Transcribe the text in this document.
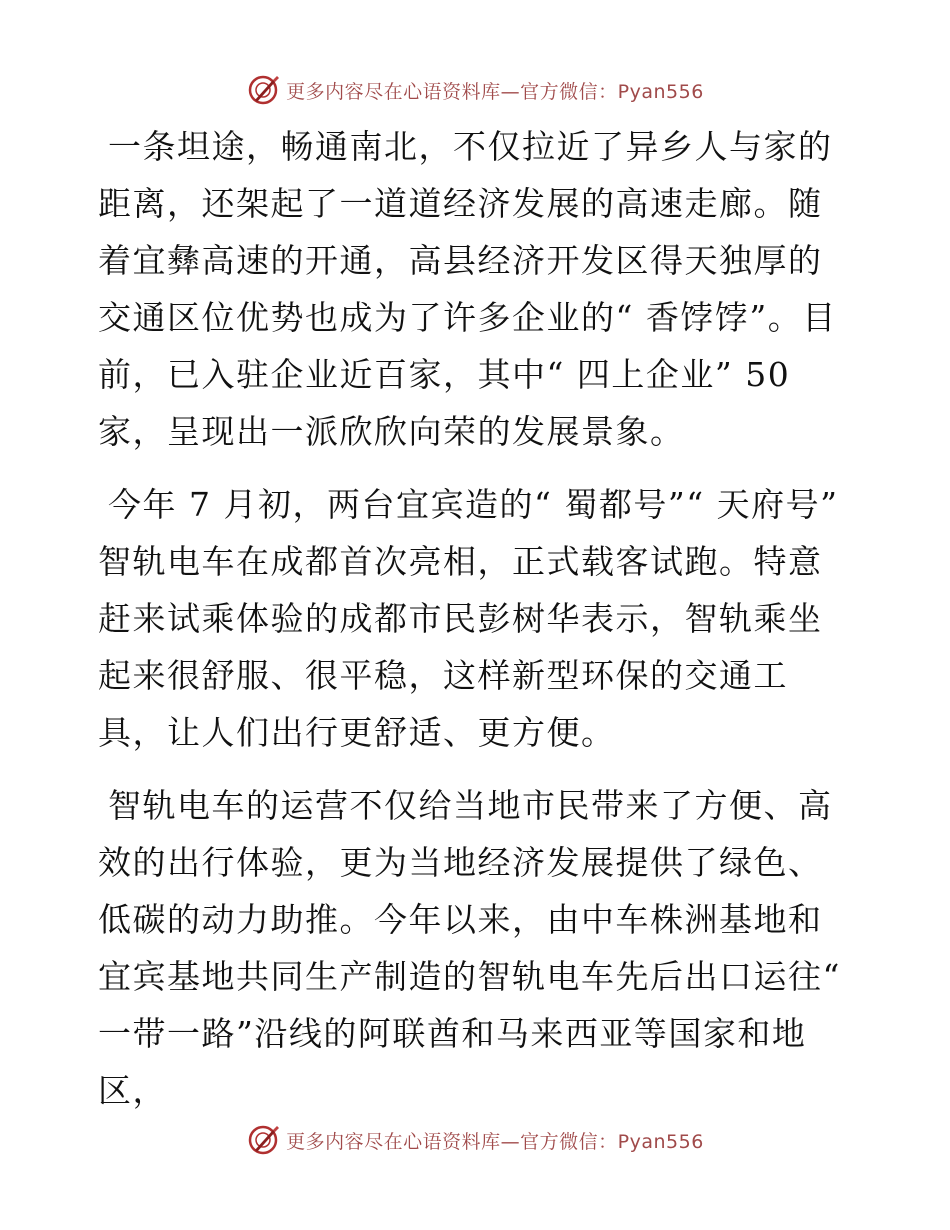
更多内容尽在心语资料库—官方微信：Pyan556

一条坦途，畅通南北，不仅拉近了异乡人与家的距离，还架起了一道道经济发展的高速走廊。随着宜彝高速的开通，高县经济开发区得天独厚的交通区位优势也成为了许多企业的“ 香饽饽”。目前，已入驻企业近百家，其中“ 四上企业” 50家，呈现出一派欣欣向荣的发展景象。

今年 7 月初，两台宜宾造的“ 蜀都号”“ 天府号” 智轨电车在成都首次亮相，正式载客试跑。特意赶来试乘体验的成都市民彭树华表示，智轨乘坐起来很舒服、很平稳，这样新型环保的交通工具，让人们出行更舒适、更方便。

智轨电车的运营不仅给当地市民带来了方便、高效的出行体验，更为当地经济发展提供了绿色、低碳的动力助推。今年以来，由中车株洲基地和宜宾基地共同生产制造的智轨电车先后出口运往“ 一带一路”沿线的阿联酋和马来西亚等国家和地区，

更多内容尽在心语资料库—官方微信：Pyan556
